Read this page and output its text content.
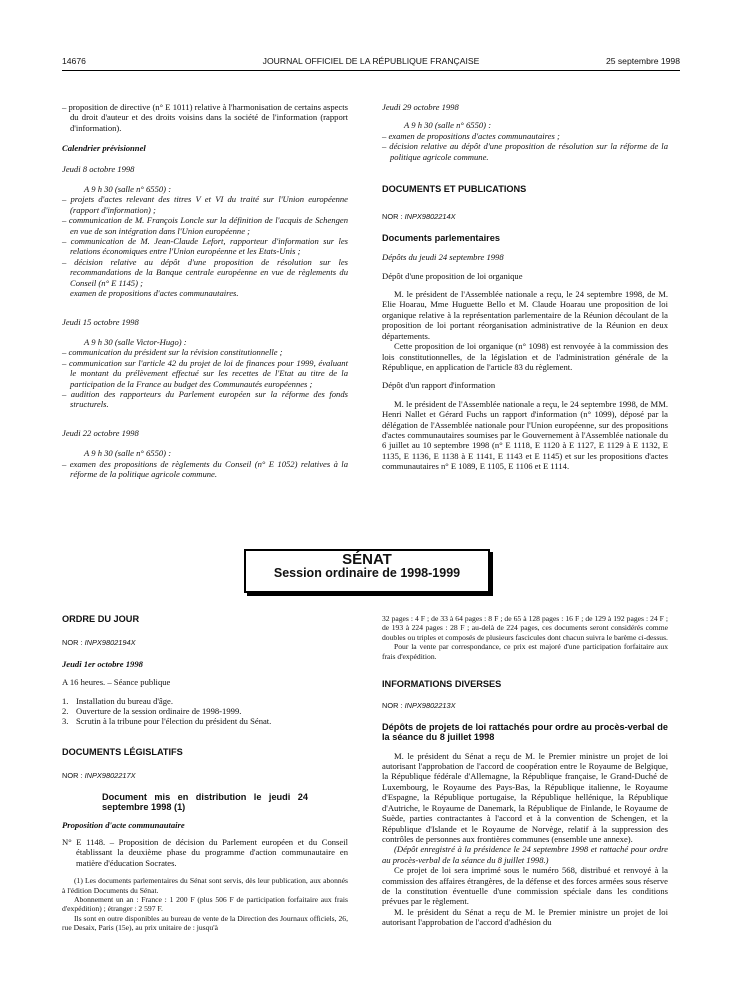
14676	JOURNAL OFFICIEL DE LA RÉPUBLIQUE FRANÇAISE	25 septembre 1998

– proposition de directive (n° E 1011) relative à l'harmonisation de certains aspects du droit d'auteur et des droits voisins dans la société de l'information (rapport d'information).

Calendrier prévisionnel

Jeudi 8 octobre 1998

A 9 h 30 (salle n° 6550) :

– projets d'actes relevant des titres V et VI du traité sur l'Union européenne (rapport d'information) ;

– communication de M. François Loncle sur la définition de l'acquis de Schengen en vue de son intégration dans l'Union européenne ;

– communication de M. Jean-Claude Lefort, rapporteur d'information sur les relations économiques entre l'Union européenne et les Etats-Unis ;

– décision relative au dépôt d'une proposition de résolution sur les recommandations de la Banque centrale européenne en vue de règlements du Conseil (n° E 1145) ;

examen de propositions d'actes communautaires.

Jeudi 15 octobre 1998

A 9 h 30 (salle Victor-Hugo) :

– communication du président sur la révision constitutionnelle ;

– communication sur l'article 42 du projet de loi de finances pour 1999, évaluant le montant du prélèvement effectué sur les recettes de l'Etat au titre de la participation de la France au budget des Communautés européennes ;

– audition des rapporteurs du Parlement européen sur la réforme des fonds structurels.

Jeudi 22 octobre 1998

A 9 h 30 (salle n° 6550) :

– examen des propositions de règlements du Conseil (n° E 1052) relatives à la réforme de la politique agricole commune.

Jeudi 29 octobre 1998

A 9 h 30 (salle n° 6550) :

– examen de propositions d'actes communautaires ;

– décision relative au dépôt d'une proposition de résolution sur la réforme de la politique agricole commune.

DOCUMENTS ET PUBLICATIONS

NOR : INPX9802214X

Documents parlementaires

Dépôts du jeudi 24 septembre 1998

Dépôt d'une proposition de loi organique

M. le président de l'Assemblée nationale a reçu, le 24 septembre 1998, de M. Elie Hoarau, Mme Huguette Bello et M. Claude Hoarau une proposition de loi organique relative à la représentation parlementaire de la Réunion découlant de la proposition de loi portant réorganisation administrative de la Réunion en deux départements.

Cette proposition de loi organique (n° 1098) est renvoyée à la commission des lois constitutionnelles, de la législation et de l'administration générale de la République, en application de l'article 83 du règlement.

Dépôt d'un rapport d'information

M. le président de l'Assemblée nationale a reçu, le 24 septembre 1998, de MM. Henri Nallet et Gérard Fuchs un rapport d'information (n° 1099), déposé par la délégation de l'Assemblée nationale pour l'Union européenne, sur des propositions d'actes communautaires soumises par le Gouvernement à l'Assemblée nationale du 6 juillet au 10 septembre 1998 (n° E 1118, E 1120 à E 1127, E 1129 à E 1132, E 1135, E 1136, E 1138 à E 1141, E 1143 et E 1145) et sur les propositions d'actes communautaires n° E 1089, E 1105, E 1106 et E 1114.

SÉNAT
Session ordinaire de 1998-1999

ORDRE DU JOUR

NOR : INPX9802194X

Jeudi 1er octobre 1998

A 16 heures. – Séance publique

1. Installation du bureau d'âge.

2. Ouverture de la session ordinaire de 1998-1999.

3. Scrutin à la tribune pour l'élection du président du Sénat.

DOCUMENTS LÉGISLATIFS

NOR : INPX9802217X

Document mis en distribution le jeudi 24 septembre 1998 (1)

Proposition d'acte communautaire

N° E 1148. – Proposition de décision du Parlement européen et du Conseil établissant la deuxième phase du programme d'action communautaire en matière d'éducation Socrates.

(1) Les documents parlementaires du Sénat sont servis, dès leur publication, aux abonnés à l'édition Documents du Sénat.

Abonnement un an : France : 1 200 F (plus 506 F de participation forfaitaire aux frais d'expédition) ; étranger : 2 597 F.

Ils sont en outre disponibles au bureau de vente de la Direction des Journaux officiels, 26, rue Desaix, Paris (15e), au prix unitaire de : jusqu'à

32 pages : 4 F ; de 33 à 64 pages : 8 F ; de 65 à 128 pages : 16 F ; de 129 à 192 pages : 24 F ; de 193 à 224 pages : 28 F ; au-delà de 224 pages, ces documents seront considérés comme doubles ou triples et composés de plusieurs fascicules dont chacun suivra le barème ci-dessus.

Pour la vente par correspondance, ce prix est majoré d'une participation forfaitaire aux frais d'expédition.

INFORMATIONS DIVERSES

NOR : INPX9802213X

Dépôts de projets de loi rattachés pour ordre au procès-verbal de la séance du 8 juillet 1998

M. le président du Sénat a reçu de M. le Premier ministre un projet de loi autorisant l'approbation de l'accord de coopération entre le Royaume de Belgique, la République fédérale d'Allemagne, la République française, le Grand-Duché de Luxembourg, le Royaume des Pays-Bas, la République italienne, le Royaume d'Espagne, la République portugaise, la République hellénique, la République d'Autriche, le Royaume de Danemark, la République de Finlande, le Royaume de Suède, parties contractantes à l'accord et à la convention de Schengen, et la République d'Islande et le Royaume de Norvège, relatif à la suppression des contrôles de personnes aux frontières communes (ensemble une annexe).

(Dépôt enregistré à la présidence le 24 septembre 1998 et rattaché pour ordre au procès-verbal de la séance du 8 juillet 1998.)

Ce projet de loi sera imprimé sous le numéro 568, distribué et renvoyé à la commission des affaires étrangères, de la défense et des forces armées sous réserve de la constitution éventuelle d'une commission spéciale dans les conditions prévues par le règlement.

M. le président du Sénat a reçu de M. le Premier ministre un projet de loi autorisant l'approbation de l'accord d'adhésion du
